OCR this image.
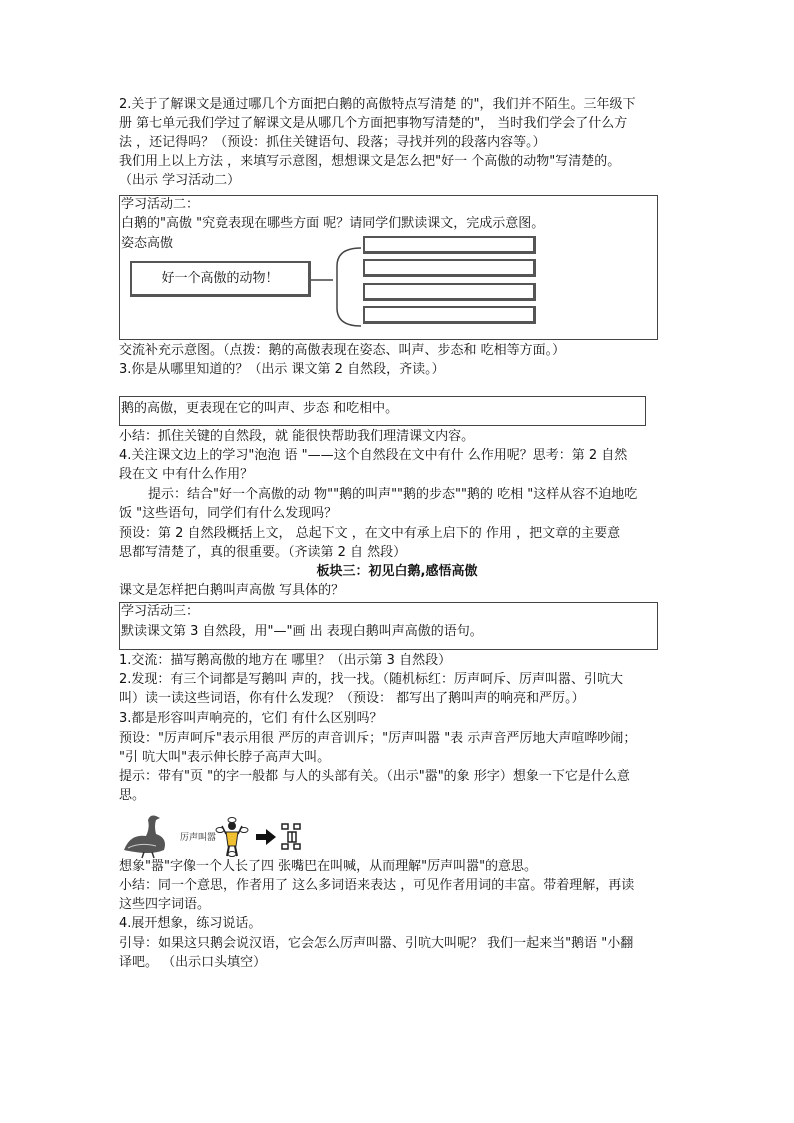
2.关于了解课文是通过哪几个方面把白鹅的高傲特点写清楚 的"，我们并不陌生。三年级下
册 第七单元我们学过了解课文是从哪几个方面把事物写清楚的"， 当时我们学会了什么方
法 ，还记得吗？（预设：抓住关键语句、段落；寻找并列的段落内容等。）
我们用上以上方法 ，来填写示意图，想想课文是怎么把"好一 个高傲的动物"写清楚的。
（出示 学习活动二）
学习活动二：
白鹅的"高傲 "究竟表现在哪些方面 呢？请同学们默读课文，完成示意图。
姿态高傲
好一个高傲的动物！
交流补充示意图。（点拨：鹅的高傲表现在姿态、叫声、步态和 吃相等方面。）
3.你是从哪里知道的？（出示 课文第 2 自然段，齐读。）
鹅的高傲，更表现在它的叫声、步态 和吃相中。
小结：抓住关键的自然段，就 能很快帮助我们理清课文内容。
4.关注课文边上的学习"泡泡 语 "——这个自然段在文中有什 么作用呢？思考：第 2 自然
段在文 中有什么作用？
提示：结合"好一个高傲的动 物""鹅的叫声""鹅的步态""鹅的 吃相 "这样从容不迫地吃
饭 "这些语句，同学们有什么发现吗？
预设：第 2 自然段概括上文， 总起下文 ，在文中有承上启下的 作用 ，把文章的主要意
思都写清楚了，真的很重要。（齐读第 2 自 然段）
板块三：初见白鹅,感悟高傲
课文是怎样把白鹅叫声高傲 写具体的？
学习活动三：
默读课文第 3 自然段，用"—"画 出 表现白鹅叫声高傲的语句。
1.交流：描写鹅高傲的地方在 哪里？（出示第 3 自然段）
2.发现：有三个词都是写鹅叫 声的，找一找。（随机标红：厉声呵斥、厉声叫嚣、引吭大
叫）读一读这些词语，你有什么发现？（预设： 都写出了鹅叫声的响亮和严厉。）
3.都是形容叫声响亮的，它们 有什么区别吗？
预设："厉声呵斥"表示用很 严厉的声音训斥；"厉声叫嚣 "表 示声音严厉地大声喧哗吵闹；
"引 吭大叫"表示伸长脖子高声大叫。
提示：带有"页 "的字一般都 与人的头部有关。（出示"嚣"的象 形字）想象一下它是什么意
思。
厉声叫嚣
想象"嚣"字像一个人长了四 张嘴巴在叫喊，从而理解"厉声叫嚣"的意思。
小结：同一个意思，作者用了 这么多词语来表达 ，可见作者用词的丰富。带着理解，再读
这些四字词语。
4.展开想象，练习说话。
引导：如果这只鹅会说汉语，它会怎么厉声叫嚣、引吭大叫呢？ 我们一起来当"鹅语 "小翻
译吧。 （出示口头填空）
